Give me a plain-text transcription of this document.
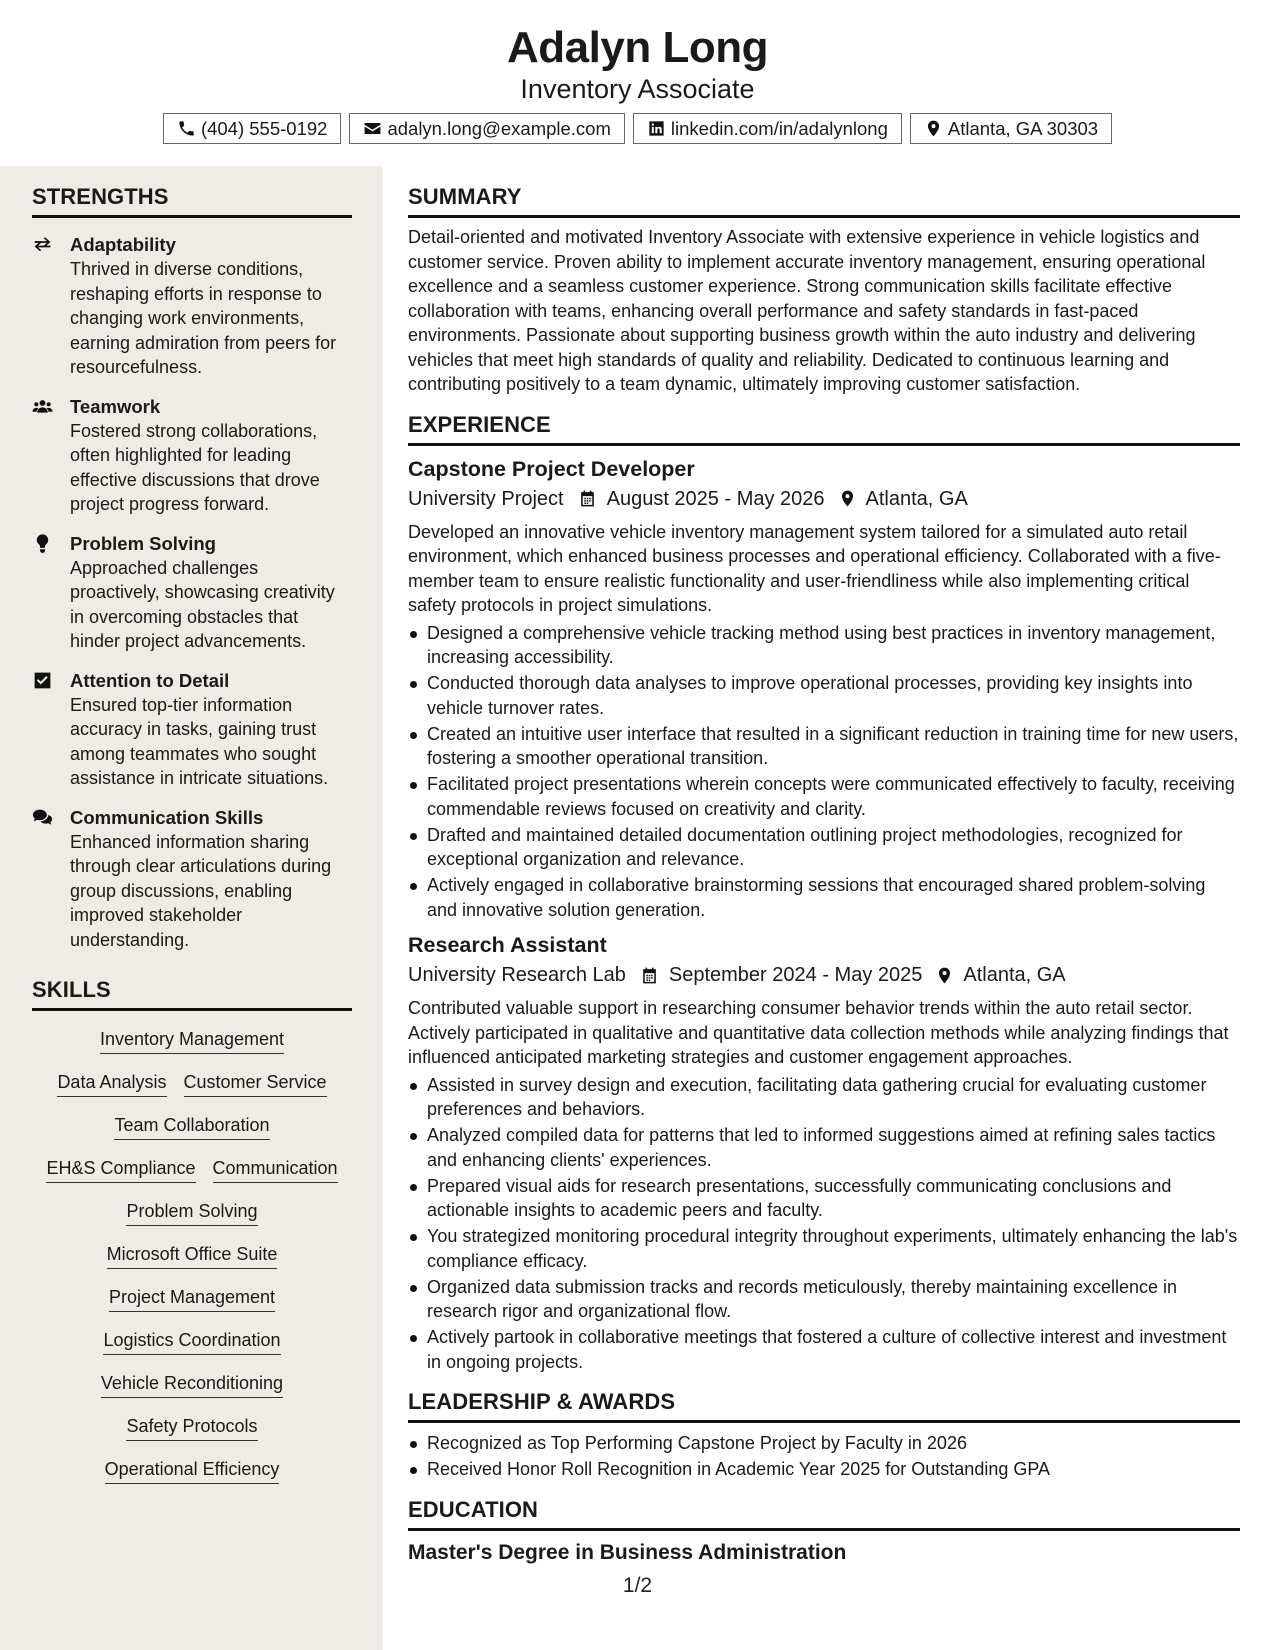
Adalyn Long
Inventory Associate
(404) 555-0192	adalyn.long@example.com	linkedin.com/in/adalynlong	Atlanta, GA 30303
STRENGTHS
Adaptability
Thrived in diverse conditions, reshaping efforts in response to changing work environments, earning admiration from peers for resourcefulness.
Teamwork
Fostered strong collaborations, often highlighted for leading effective discussions that drove project progress forward.
Problem Solving
Approached challenges proactively, showcasing creativity in overcoming obstacles that hinder project advancements.
Attention to Detail
Ensured top-tier information accuracy in tasks, gaining trust among teammates who sought assistance in intricate situations.
Communication Skills
Enhanced information sharing through clear articulations during group discussions, enabling improved stakeholder understanding.
SKILLS
Inventory Management
Data Analysis Customer Service
Team Collaboration
EH&S Compliance Communication
Problem Solving
Microsoft Office Suite
Project Management
Logistics Coordination
Vehicle Reconditioning
Safety Protocols
Operational Efficiency
SUMMARY
Detail-oriented and motivated Inventory Associate with extensive experience in vehicle logistics and customer service. Proven ability to implement accurate inventory management, ensuring operational excellence and a seamless customer experience. Strong communication skills facilitate effective collaboration with teams, enhancing overall performance and safety standards in fast-paced environments. Passionate about supporting business growth within the auto industry and delivering vehicles that meet high standards of quality and reliability. Dedicated to continuous learning and contributing positively to a team dynamic, ultimately improving customer satisfaction.
EXPERIENCE
Capstone Project Developer
University Project August 2025 - May 2026 Atlanta, GA
Developed an innovative vehicle inventory management system tailored for a simulated auto retail environment, which enhanced business processes and operational efficiency. Collaborated with a five-member team to ensure realistic functionality and user-friendliness while also implementing critical safety protocols in project simulations.
Designed a comprehensive vehicle tracking method using best practices in inventory management, increasing accessibility.
Conducted thorough data analyses to improve operational processes, providing key insights into vehicle turnover rates.
Created an intuitive user interface that resulted in a significant reduction in training time for new users, fostering a smoother operational transition.
Facilitated project presentations wherein concepts were communicated effectively to faculty, receiving commendable reviews focused on creativity and clarity.
Drafted and maintained detailed documentation outlining project methodologies, recognized for exceptional organization and relevance.
Actively engaged in collaborative brainstorming sessions that encouraged shared problem-solving and innovative solution generation.
Research Assistant
University Research Lab September 2024 - May 2025 Atlanta, GA
Contributed valuable support in researching consumer behavior trends within the auto retail sector. Actively participated in qualitative and quantitative data collection methods while analyzing findings that influenced anticipated marketing strategies and customer engagement approaches.
Assisted in survey design and execution, facilitating data gathering crucial for evaluating customer preferences and behaviors.
Analyzed compiled data for patterns that led to informed suggestions aimed at refining sales tactics and enhancing clients' experiences.
Prepared visual aids for research presentations, successfully communicating conclusions and actionable insights to academic peers and faculty.
You strategized monitoring procedural integrity throughout experiments, ultimately enhancing the lab's compliance efficacy.
Organized data submission tracks and records meticulously, thereby maintaining excellence in research rigor and organizational flow.
Actively partook in collaborative meetings that fostered a culture of collective interest and investment in ongoing projects.
LEADERSHIP & AWARDS
Recognized as Top Performing Capstone Project by Faculty in 2026
Received Honor Roll Recognition in Academic Year 2025 for Outstanding GPA
EDUCATION
Master's Degree in Business Administration
1/2
